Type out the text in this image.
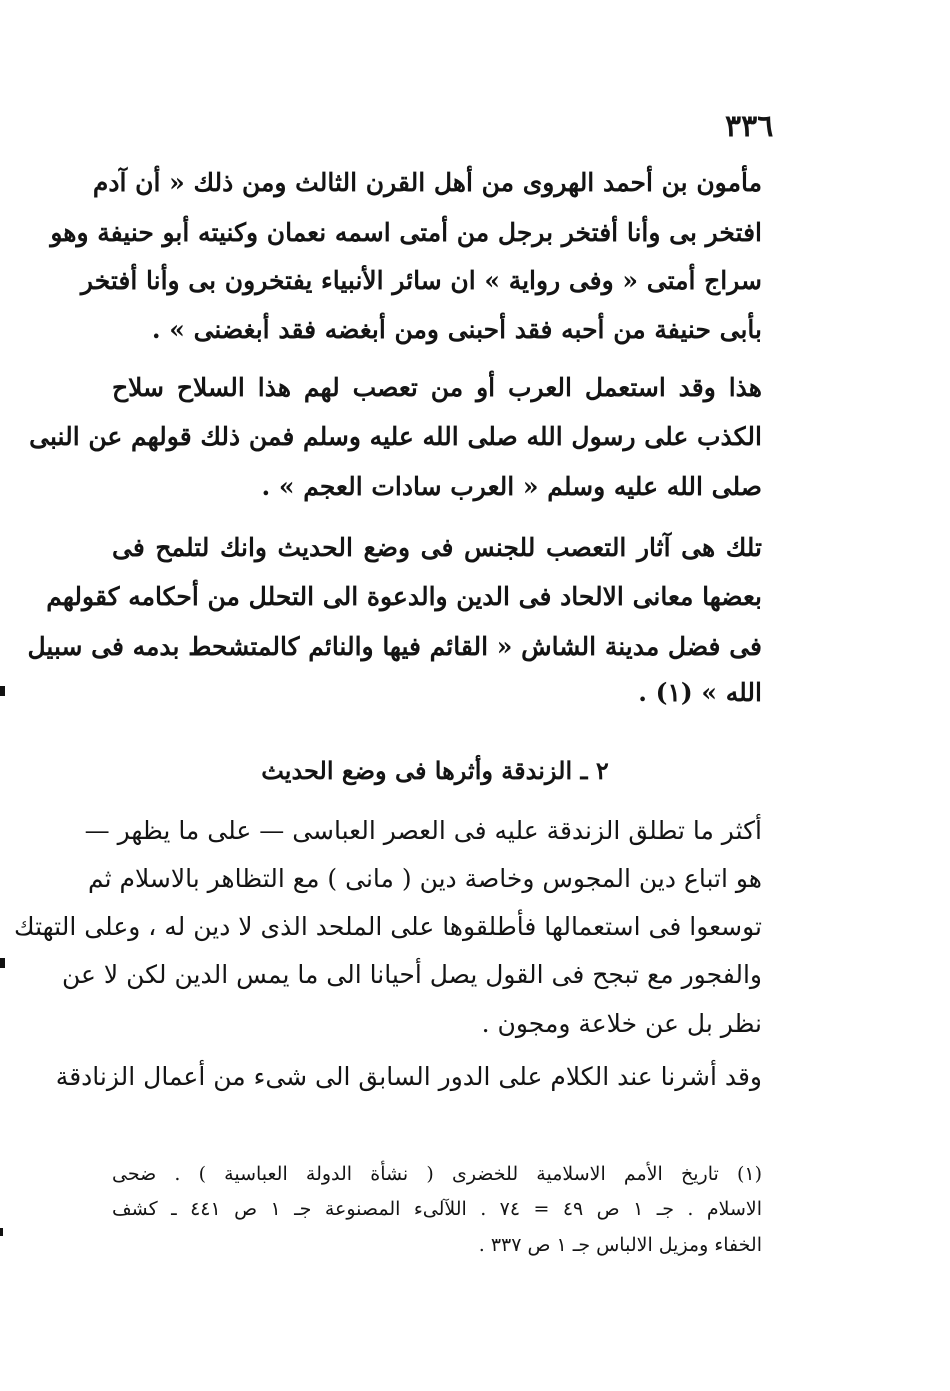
٣٣٦
مأمون بن أحمد الهروى من أهل القرن الثالث ومن ذلك « أن آدم
افتخر بى وأنا أفتخر برجل من أمتى اسمه نعمان وكنيته أبو حنيفة وهو
سراج أمتى « وفى رواية » ان سائر الأنبياء يفتخرون بى وأنا أفتخر
بأبى حنيفة من أحبه فقد أحبنى ومن أبغضه فقد أبغضنى » .
هذا وقد استعمل العرب أو من تعصب لهم هذا السلاح سلاح
الكذب على رسول الله صلى الله عليه وسلم فمن ذلك قولهم عن النبى
صلى الله عليه وسلم « العرب سادات العجم » .
تلك هى آثار التعصب للجنس فى وضع الحديث وانك لتلمح فى
بعضها معانى الالحاد فى الدين والدعوة الى التحلل من أحكامه كقولهم
فى فضل مدينة الشاش « القائم فيها والنائم كالمتشحط بدمه فى سبيل
الله » (١) .
٢ ـ الزندقة وأثرها فى وضع الحديث
أكثر ما تطلق الزندقة عليه فى العصر العباسى — على ما يظهر —
هو اتباع دين المجوس وخاصة دين ( مانى ) مع التظاهر بالاسلام ثم
توسعوا فى استعمالها فأطلقوها على الملحد الذى لا دين له ، وعلى التهتك
والفجور مع تبجح فى القول يصل أحيانا الى ما يمس الدين لكن لا عن
نظر بل عن خلاعة ومجون .
وقد أشرنا عند الكلام على الدور السابق الى شىء من أعمال الزنادقة
(١) تاريخ الأمم الاسلامية للخضرى ( نشأة الدولة العباسية ) . ضحى
الاسلام . جـ ١ ص ٤٩ = ٧٤ . اللآلىء المصنوعة جـ ١ ص ٤٤١ ـ كشف
الخفاء ومزيل الالباس جـ ١ ص ٣٣٧ .
